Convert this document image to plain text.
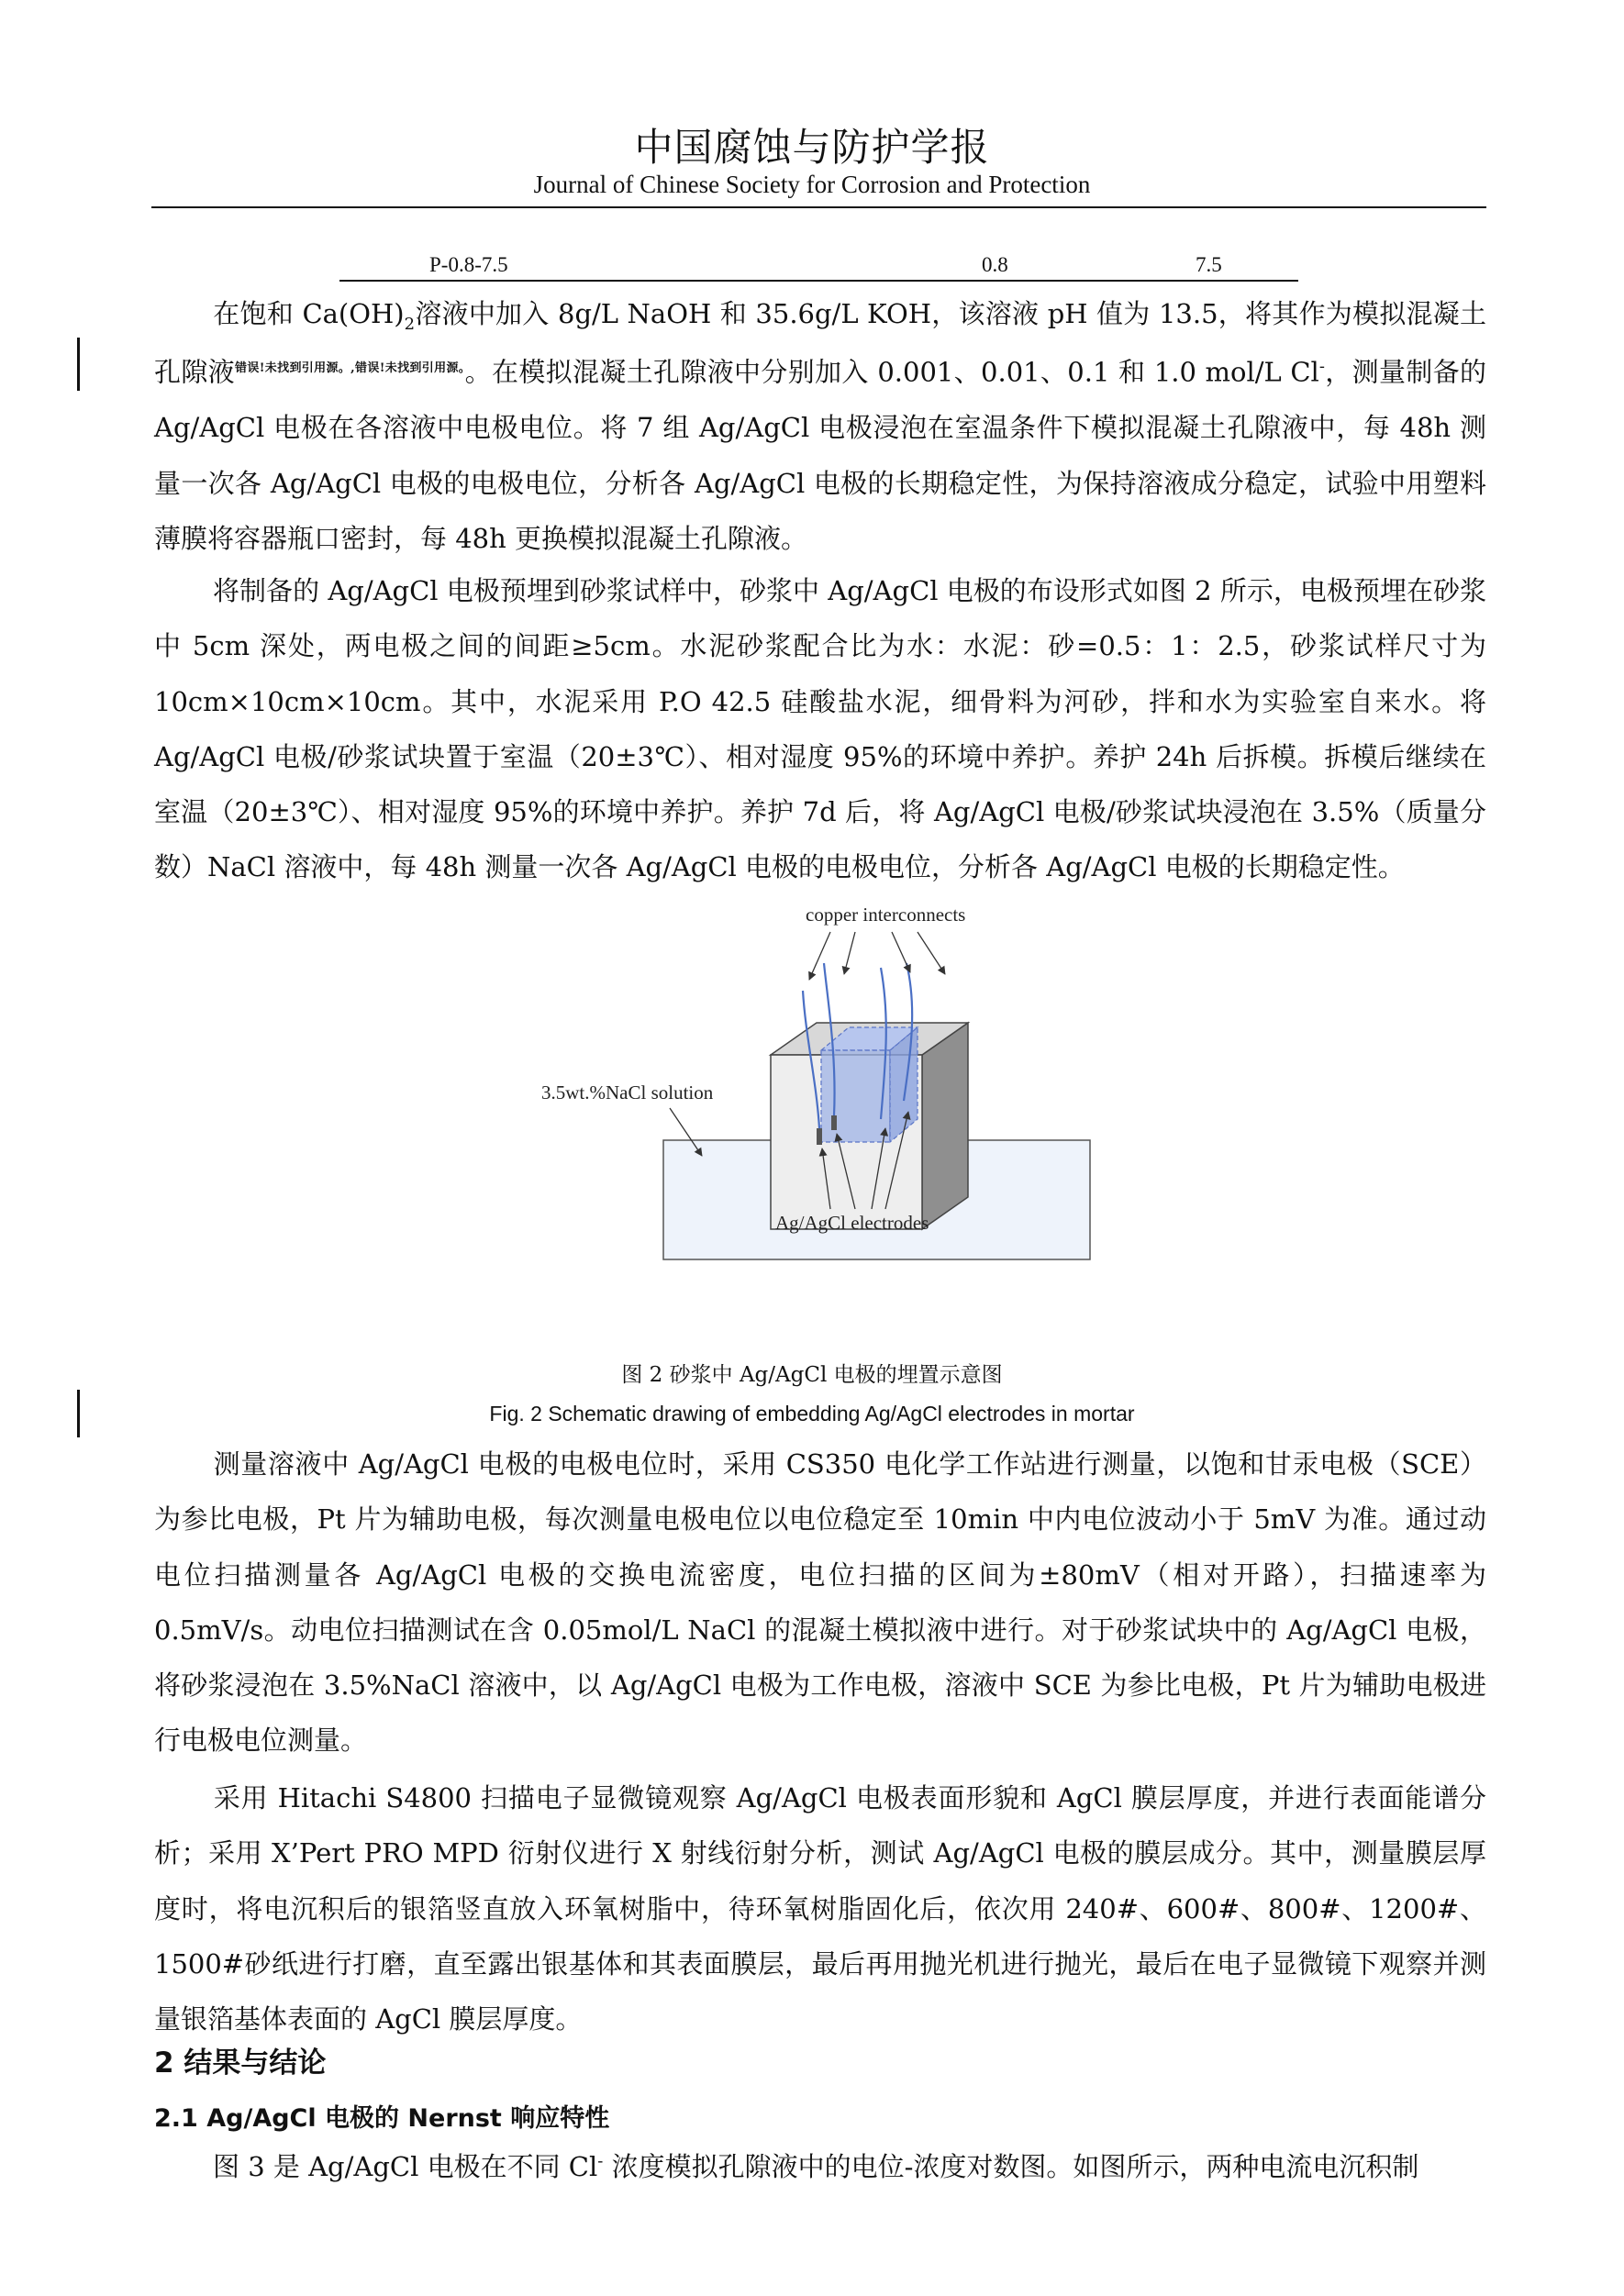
中国腐蚀与防护学报
Journal of Chinese Society for Corrosion and Protection
P-0.8-7.5	0.8	7.5
在饱和 $Ca(OH)_2$溶液中加入 8g/L NaOH 和 35.6g/L KOH，该溶液 pH 值为 13.5，将其作为模拟混凝土孔隙液$^{错误!未找到引用源。,错误!未找到引用源。}$。在模拟混凝土孔隙液中分别加入 0.001、0.01、0.1 和 1.0 mol/L Cl-，测量制备的 Ag/AgCl 电极在各溶液中电极电位。将 7 组 Ag/AgCl 电极浸泡在室温条件下模拟混凝土孔隙液中，每 48h 测量一次各 Ag/AgCl 电极的电极电位，分析各 Ag/AgCl 电极的长期稳定性，为保持溶液成分稳定，试验中用塑料薄膜将容器瓶口密封，每 48h 更换模拟混凝土孔隙液。
将制备的 Ag/AgCl 电极预埋到砂浆试样中，砂浆中 Ag/AgCl 电极的布设形式如图 2 所示，电极预埋在砂浆中 5cm 深处，两电极之间的间距≥5cm。水泥砂浆配合比为水：水泥：砂=0.5：1：2.5，砂浆试样尺寸为 10cm×10cm×10cm。其中，水泥采用 P.O 42.5 硅酸盐水泥，细骨料为河砂，拌和水为实验室自来水。将 Ag/AgCl 电极/砂浆试块置于室温（20±3℃）、相对湿度 95%的环境中养护。养护 24h 后拆模。拆模后继续在室温（20±3℃）、相对湿度 95%的环境中养护。养护 7d 后，将 Ag/AgCl 电极/砂浆试块浸泡在 3.5%（质量分数）NaCl 溶液中，每 48h 测量一次各 Ag/AgCl 电极的电极电位，分析各 Ag/AgCl 电极的长期稳定性。
copper interconnects
3.5wt.%NaCl solution
Ag/AgCl electrodes
图 2 砂浆中 Ag/AgCl 电极的埋置示意图
Fig. 2 Schematic drawing of embedding Ag/AgCl electrodes in mortar
测量溶液中 Ag/AgCl 电极的电极电位时，采用 CS350 电化学工作站进行测量，以饱和甘汞电极（SCE）为参比电极，Pt 片为辅助电极，每次测量电极电位以电位稳定至 10min 中内电位波动小于 5mV 为准。通过动电位扫描测量各 Ag/AgCl 电极的交换电流密度，电位扫描的区间为±80mV（相对开路），扫描速率为 0.5mV/s。动电位扫描测试在含 0.05mol/L NaCl 的混凝土模拟液中进行。对于砂浆试块中的 Ag/AgCl 电极，将砂浆浸泡在 3.5%NaCl 溶液中，以 Ag/AgCl 电极为工作电极，溶液中 SCE 为参比电极，Pt 片为辅助电极进行电极电位测量。
采用 Hitachi S4800 扫描电子显微镜观察 Ag/AgCl 电极表面形貌和 AgCl 膜层厚度，并进行表面能谱分析；采用 X’Pert PRO MPD 衍射仪进行 X 射线衍射分析，测试 Ag/AgCl 电极的膜层成分。其中，测量膜层厚度时，将电沉积后的银箔竖直放入环氧树脂中，待环氧树脂固化后，依次用 240#、600#、800#、1200#、1500#砂纸进行打磨，直至露出银基体和其表面膜层，最后再用抛光机进行抛光，最后在电子显微镜下观察并测量银箔基体表面的 AgCl 膜层厚度。
2 结果与结论
2.1 Ag/AgCl 电极的 Nernst 响应特性
图 3 是 Ag/AgCl 电极在不同 Cl- 浓度模拟孔隙液中的电位-浓度对数图。如图所示，两种电流电沉积制
